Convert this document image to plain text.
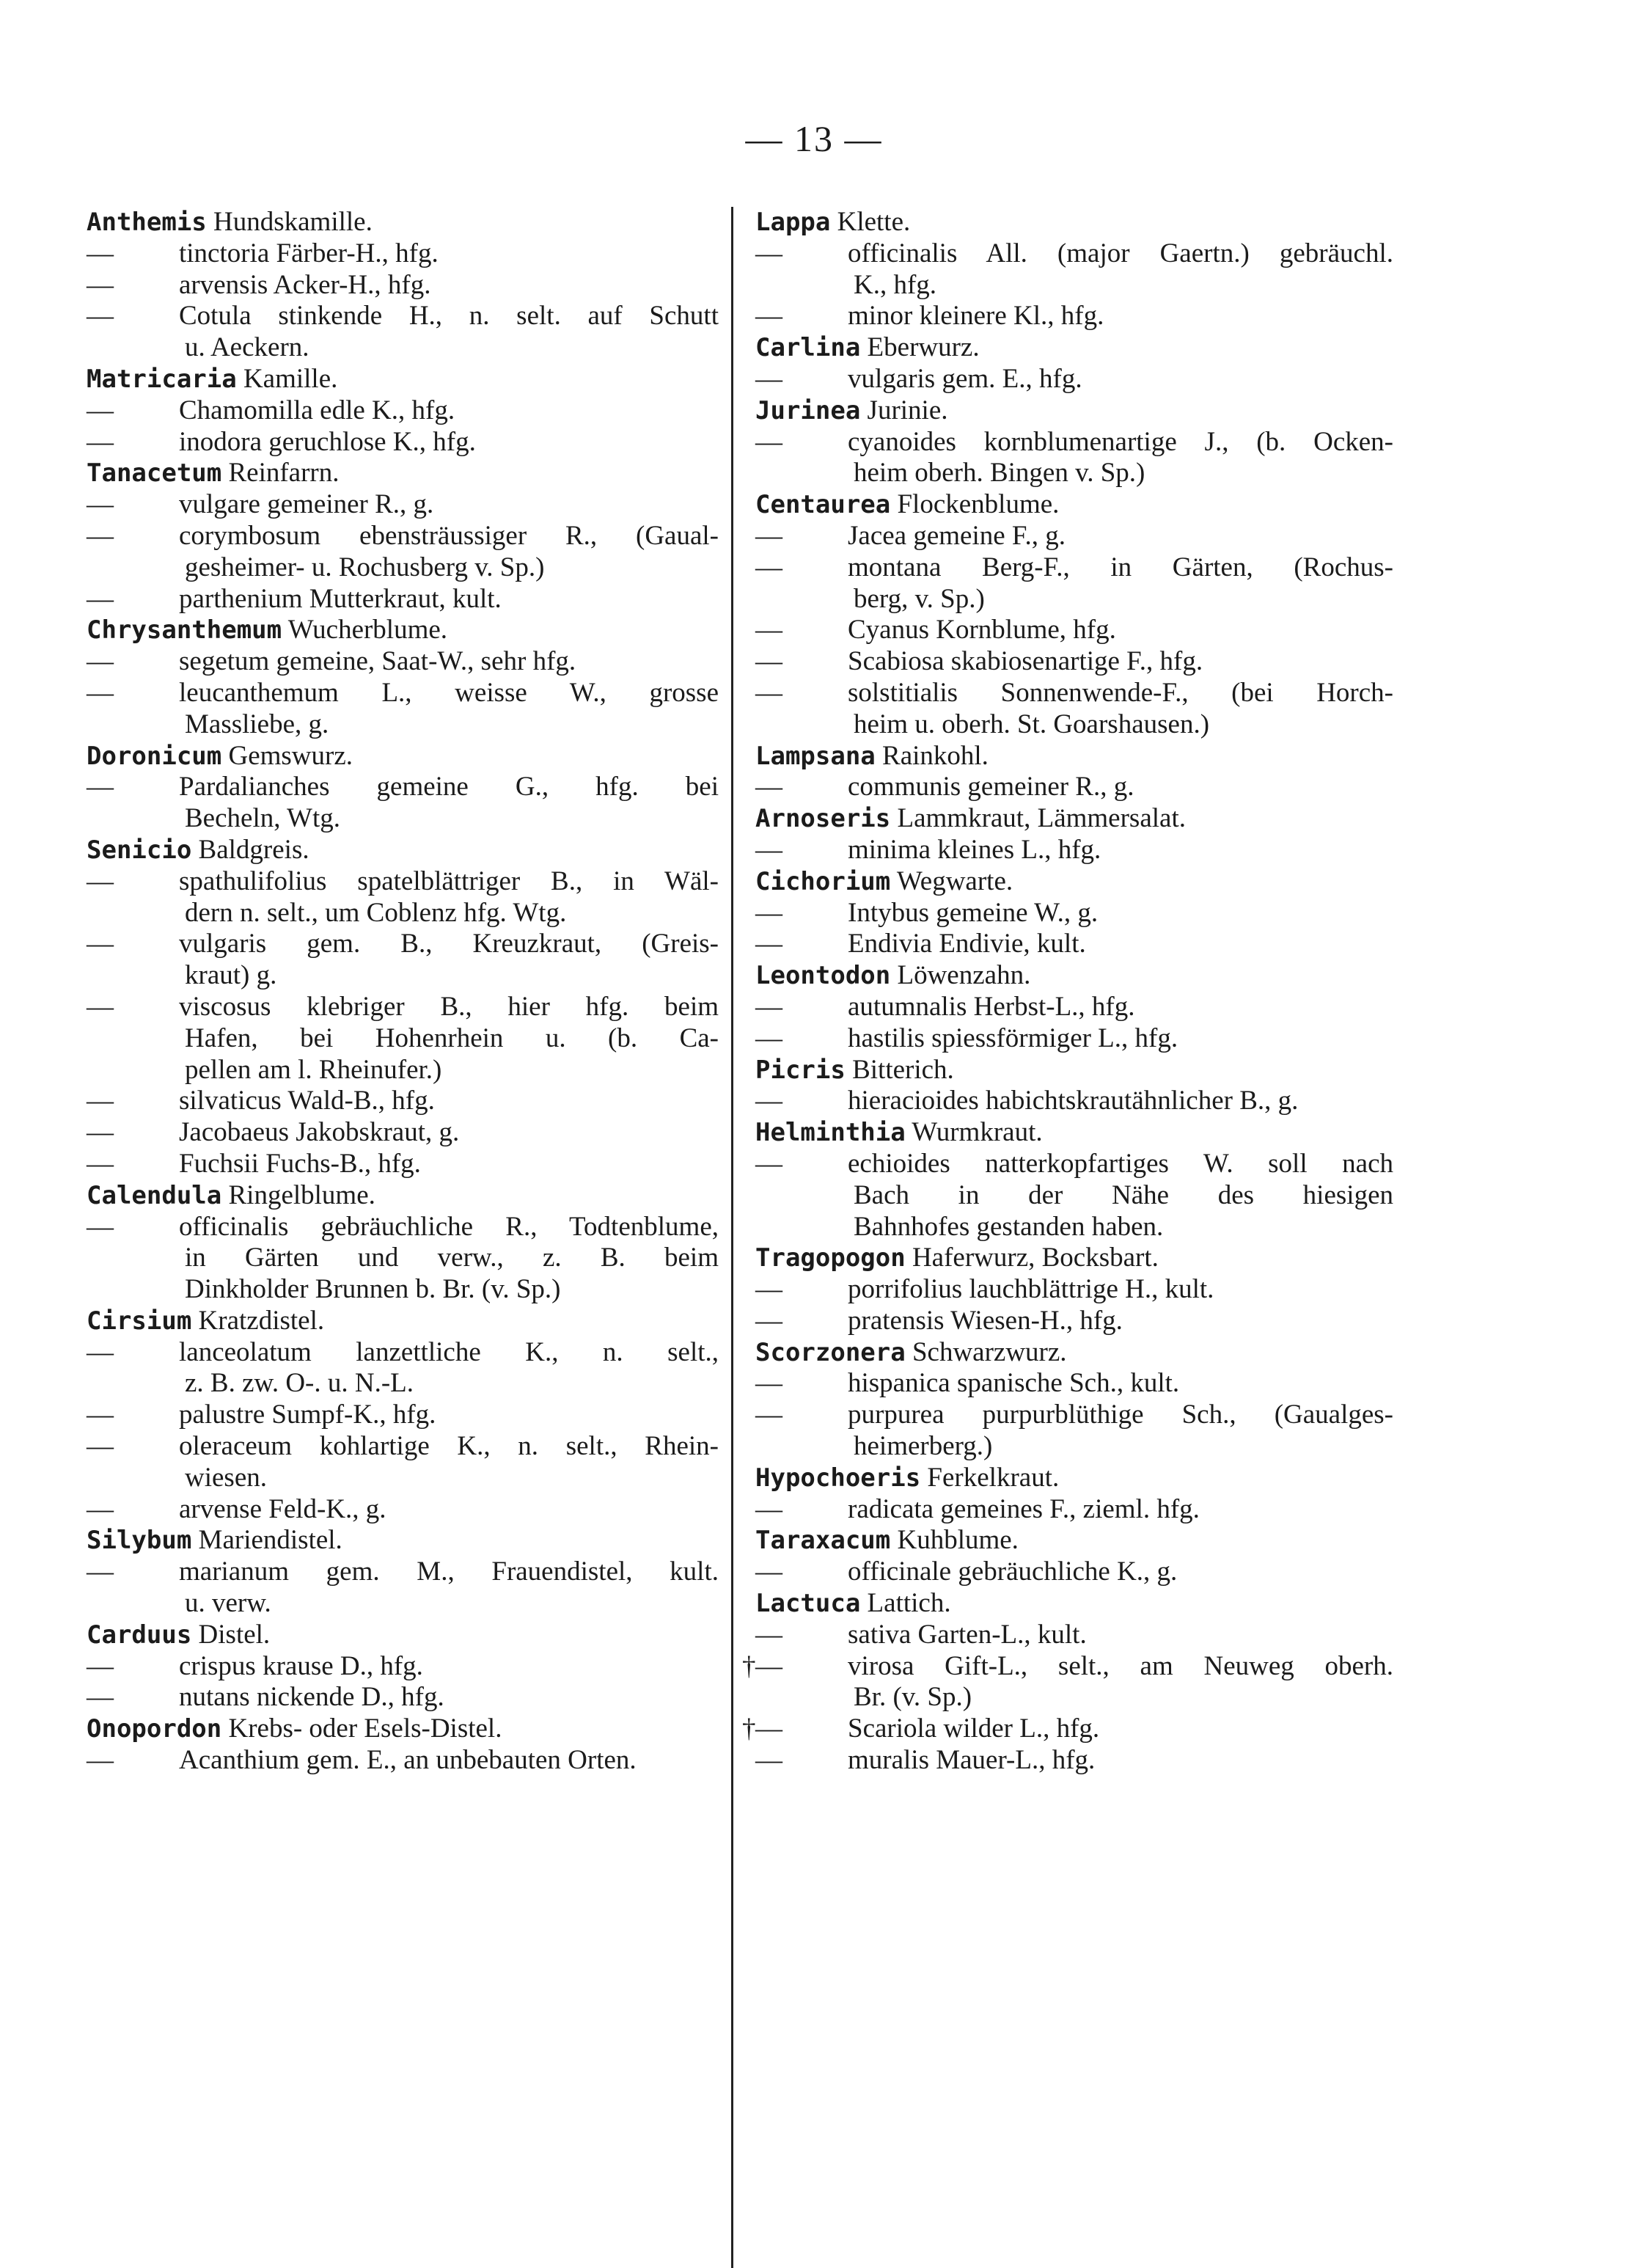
— 13 —
Anthemis Hundskamille.
—tinctoria Färber-H., hfg.
—arvensis Acker-H., hfg.
—Cotula stinkende H., n. selt. auf Schutt
u. Aeckern.
Matricaria Kamille.
—Chamomilla edle K., hfg.
—inodora geruchlose K., hfg.
Tanacetum Reinfarrn.
—vulgare gemeiner R., g.
—corymbosum ebensträussiger R., (Gaual-
gesheimer- u. Rochusberg v. Sp.)
—parthenium Mutterkraut, kult.
Chrysanthemum Wucherblume.
—segetum gemeine, Saat-W., sehr hfg.
—leucanthemum L., weisse W., grosse
Massliebe, g.
Doronicum Gemswurz.
—Pardalianches gemeine G., hfg. bei
Becheln, Wtg.
Senicio Baldgreis.
—spathulifolius spatelblättriger B., in Wäl-
dern n. selt., um Coblenz hfg. Wtg.
—vulgaris gem. B., Kreuzkraut, (Greis-
kraut) g.
—viscosus klebriger B., hier hfg. beim
Hafen, bei Hohenrhein u. (b. Ca-
pellen am l. Rheinufer.)
—silvaticus Wald-B., hfg.
—Jacobaeus Jakobskraut, g.
—Fuchsii Fuchs-B., hfg.
Calendula Ringelblume.
—officinalis gebräuchliche R., Todtenblume,
in Gärten und verw., z. B. beim
Dinkholder Brunnen b. Br. (v. Sp.)
Cirsium Kratzdistel.
—lanceolatum lanzettliche K., n. selt.,
z. B. zw. O-. u. N.-L.
—palustre Sumpf-K., hfg.
—oleraceum kohlartige K., n. selt., Rhein-
wiesen.
—arvense Feld-K., g.
Silybum Mariendistel.
—marianum gem. M., Frauendistel, kult.
u. verw.
Carduus Distel.
—crispus krause D., hfg.
—nutans nickende D., hfg.
Onopordon Krebs- oder Esels-Distel.
—Acanthium gem. E., an unbebauten Orten.
Lappa Klette.
—officinalis All. (major Gaertn.) gebräuchl.
K., hfg.
—minor kleinere Kl., hfg.
Carlina Eberwurz.
—vulgaris gem. E., hfg.
Jurinea Jurinie.
—cyanoides kornblumenartige J., (b. Ocken-
heim oberh. Bingen v. Sp.)
Centaurea Flockenblume.
—Jacea gemeine F., g.
—montana Berg-F., in Gärten, (Rochus-
berg, v. Sp.)
—Cyanus Kornblume, hfg.
—Scabiosa skabiosenartige F., hfg.
—solstitialis Sonnenwende-F., (bei Horch-
heim u. oberh. St. Goarshausen.)
Lampsana Rainkohl.
—communis gemeiner R., g.
Arnoseris Lammkraut, Lämmersalat.
—minima kleines L., hfg.
Cichorium Wegwarte.
—Intybus gemeine W., g.
—Endivia Endivie, kult.
Leontodon Löwenzahn.
—autumnalis Herbst-L., hfg.
—hastilis spiessförmiger L., hfg.
Picris Bitterich.
—hieracioides habichtskrautähnlicher B., g.
Helminthia Wurmkraut.
—echioides natterkopfartiges W. soll nach
Bach in der Nähe des hiesigen
Bahnhofes gestanden haben.
Tragopogon Haferwurz, Bocksbart.
—porrifolius lauchblättrige H., kult.
—pratensis Wiesen-H., hfg.
Scorzonera Schwarzwurz.
—hispanica spanische Sch., kult.
—purpurea purpurblüthige Sch., (Gaualges-
heimerberg.)
Hypochoeris Ferkelkraut.
—radicata gemeines F., zieml. hfg.
Taraxacum Kuhblume.
—officinale gebräuchliche K., g.
Lactuca Lattich.
—sativa Garten-L., kult.
† —	virosa Gift-L., selt., am Neuweg oberh.
Br. (v. Sp.)
† —	Scariola wilder L., hfg.
—muralis Mauer-L., hfg.
